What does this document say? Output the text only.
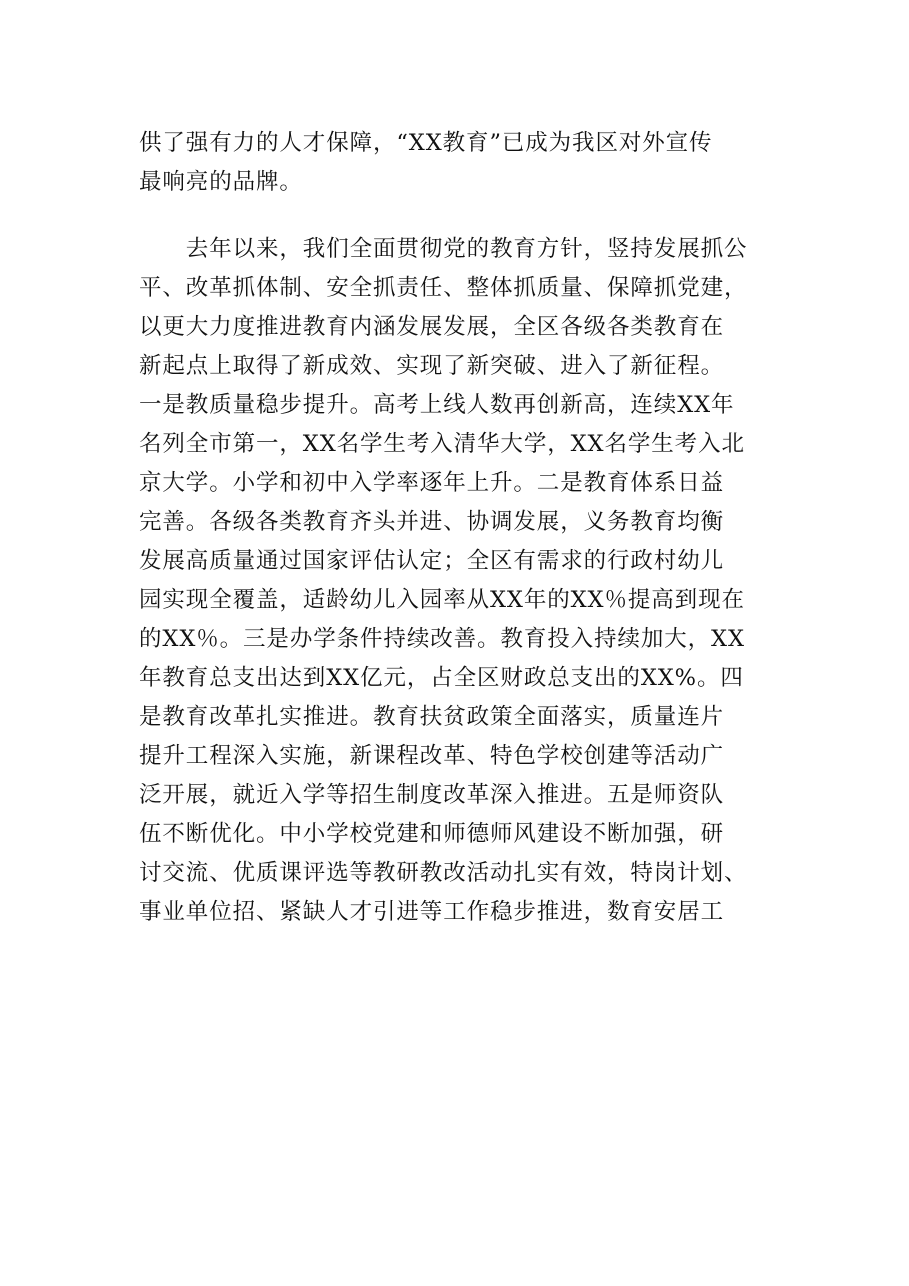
供了强有力的人才保障，“XX教育”已成为我区对外宣传
最响亮的品牌。

　　去年以来，我们全面贯彻党的教育方针，竖持发展抓公
平、改革抓体制、安全抓责任、整体抓质量、保障抓党建，
以更大力度推进教育内涵发展发展，全区各级各类教育在
新起点上取得了新成效、实现了新突破、进入了新征程。
一是教质量稳步提升。高考上线人数再创新高，连续XX年
名列全市第一，XX名学生考入清华大学，XX名学生考入北
京大学。小学和初中入学率逐年上升。二是教育体系日益
完善。各级各类教育齐头并进、协调发展，义务教育均衡
发展高质量通过国家评估认定；全区有需求的行政村幼儿
园实现全覆盖，适龄幼儿入园率从XX年的XX％提高到现在
的XX％。三是办学条件持续改善。教育投入持续加大，XX
年教育总支出达到XX亿元，占全区财政总支出的XX%。四
是教育改革扎实推进。教育扶贫政策全面落实，质量连片
提升工程深入实施，新课程改革、特色学校创建等活动广
泛开展，就近入学等招生制度改革深入推进。五是师资队
伍不断优化。中小学校党建和师德师风建设不断加强，研
讨交流、优质课评选等教研教改活动扎实有效，特岗计划、
事业单位招、紧缺人才引进等工作稳步推进，数育安居工
